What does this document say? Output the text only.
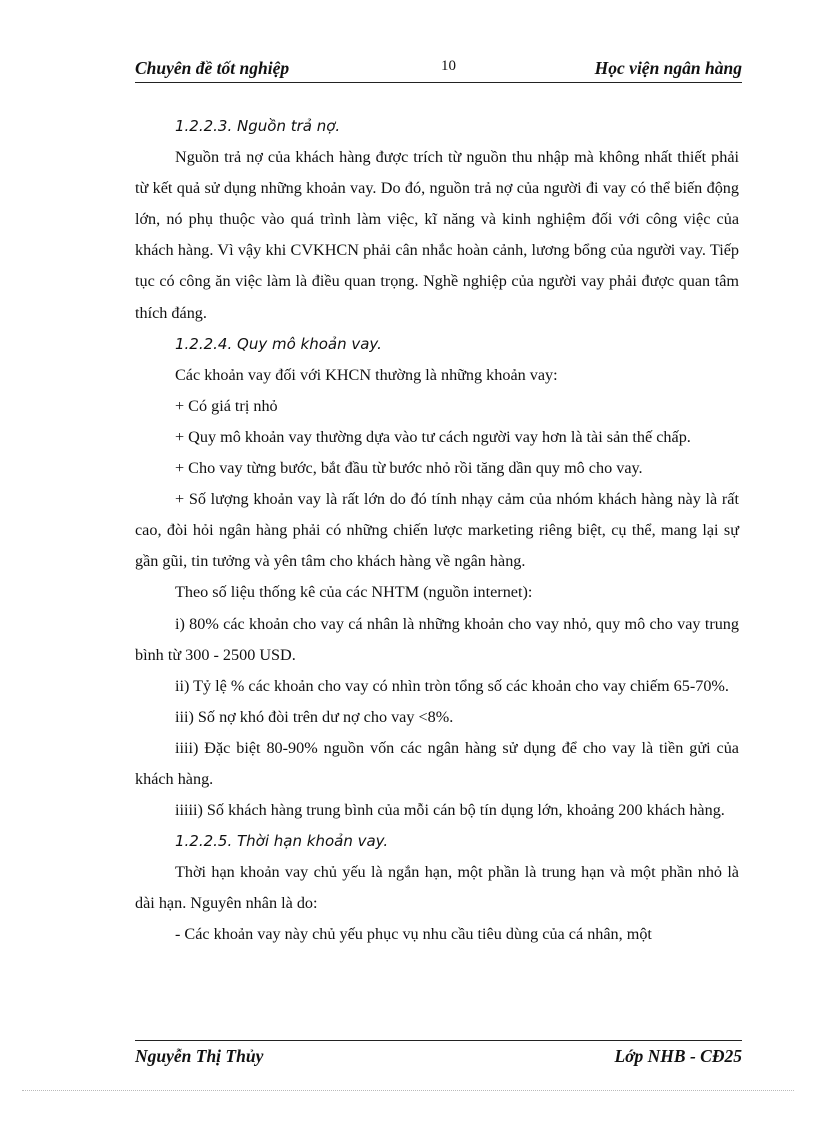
Chuyên đề tốt nghiệp	10	Học viện ngân hàng

1.2.2.3. Nguồn trả nợ.

Nguồn trả nợ của khách hàng được trích từ nguồn thu nhập mà không nhất thiết phải từ kết quả sử dụng những khoản vay. Do đó, nguồn trả nợ của người đi vay có thể biến động lớn, nó phụ thuộc vào quá trình làm việc, kĩ năng và kinh nghiệm đối với công việc của khách hàng. Vì vậy khi CVKHCN phải cân nhắc hoàn cảnh, lương bổng của người vay. Tiếp tục có công ăn việc làm là điều quan trọng. Nghề nghiệp của người vay phải được quan tâm thích đáng.

1.2.2.4. Quy mô khoản vay.

Các khoản vay đối với KHCN thường là những khoản vay:

+ Có giá trị nhỏ

+ Quy mô khoản vay thường dựa vào tư cách người vay hơn là tài sản thế chấp.

+ Cho vay từng bước, bắt đầu từ bước nhỏ rồi tăng dần quy mô cho vay.

+ Số lượng khoản vay là rất lớn do đó tính nhạy cảm của nhóm khách hàng này là rất cao, đòi hỏi ngân hàng phải có những chiến lược marketing riêng biệt, cụ thể, mang lại sự gần gũi, tin tưởng và yên tâm cho khách hàng về ngân hàng.

Theo số liệu thống kê của các NHTM (nguồn internet):

i) 80% các khoản cho vay cá nhân là những khoản cho vay nhỏ, quy mô cho vay trung bình từ 300 - 2500 USD.

ii) Tỷ lệ % các khoản cho vay có nhìn tròn tổng số các khoản cho vay chiếm 65-70%.

iii) Số nợ khó đòi trên dư nợ cho vay <8%.

iiii) Đặc biệt 80-90% nguồn vốn các ngân hàng sử dụng để cho vay là tiền gửi của khách hàng.

iiiii) Số khách hàng trung bình của mỗi cán bộ tín dụng lớn, khoảng 200 khách hàng.

1.2.2.5. Thời hạn khoản vay.

Thời hạn khoản vay chủ yếu là ngắn hạn, một phần là trung hạn và một phần nhỏ là dài hạn. Nguyên nhân là do:

- Các khoản vay này chủ yếu phục vụ nhu cầu tiêu dùng của cá nhân, một

Nguyễn Thị Thủy	Lớp NHB - CĐ25
